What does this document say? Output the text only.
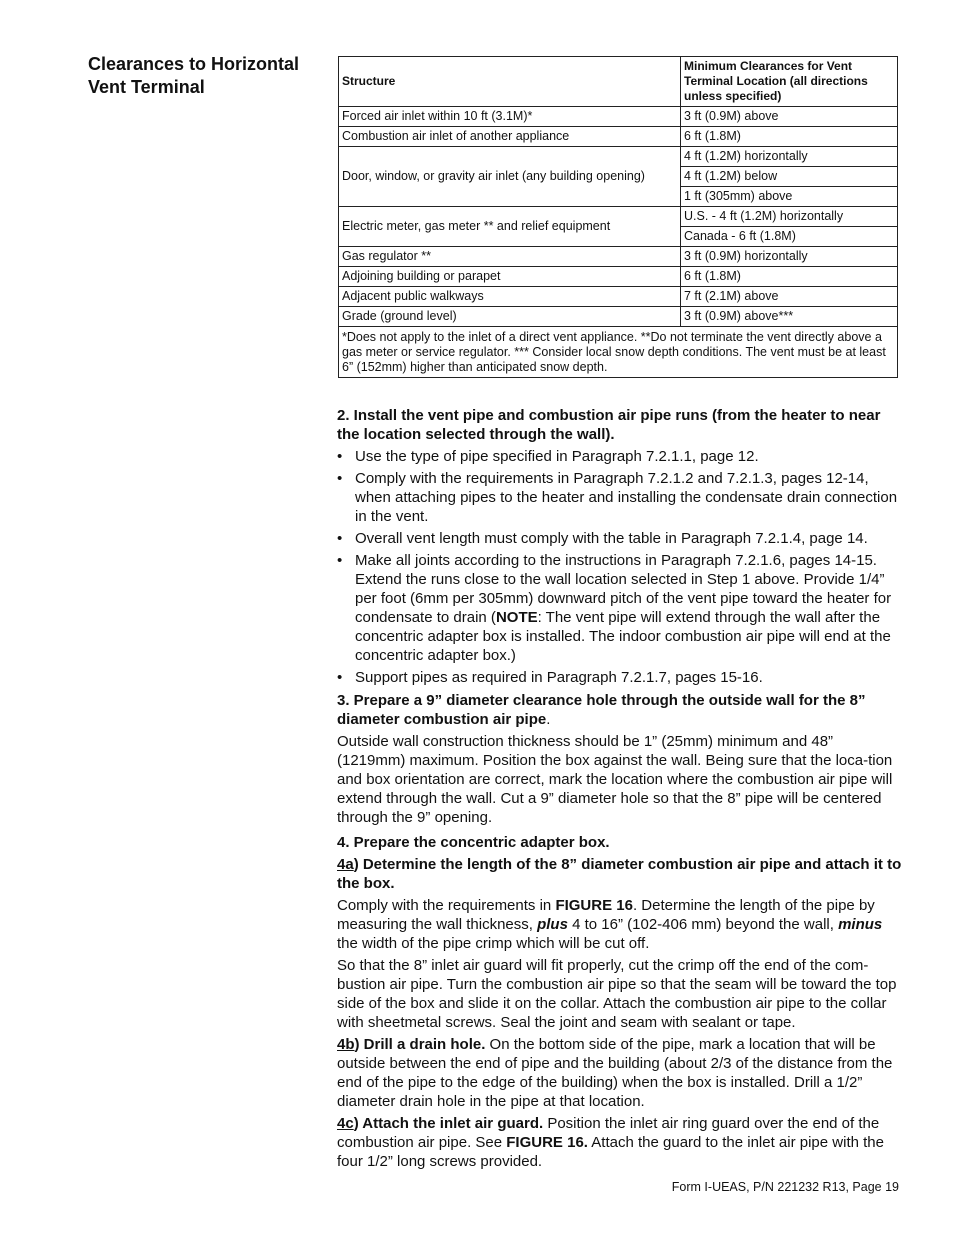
Clearances to Horizontal
Vent Terminal	Structure	Minimum Clearances for Vent Terminal Location (all directions unless specified)
Forced air inlet within 10 ft (3.1M)*	3 ft (0.9M) above
Combustion air inlet of another appliance	6 ft (1.8M)
Door, window, or gravity air inlet (any building opening)	4 ft (1.2M) horizontally
	4 ft (1.2M) below
	1 ft (305mm) above
Electric meter, gas meter ** and relief equipment	U.S. - 4 ft (1.2M) horizontally
	Canada - 6 ft (1.8M)
Gas regulator **	3 ft (0.9M) horizontally
Adjoining building or parapet	6 ft (1.8M)
Adjacent public walkways	7 ft (2.1M) above
Grade (ground level)	3 ft (0.9M) above***
*Does not apply to the inlet of a direct vent appliance. **Do not terminate the vent directly above a gas meter or service regulator. *** Consider local snow depth conditions. The vent must be at least 6” (152mm) higher than anticipated snow depth.	

2. Install the vent pipe and combustion air pipe runs (from the heater to near the location selected through the wall).

• Use the type of pipe specified in Paragraph 7.2.1.1, page 12.
• Comply with the requirements in Paragraph 7.2.1.2 and 7.2.1.3, pages 12-14, when attaching pipes to the heater and installing the condensate drain connection in the vent.
• Overall vent length must comply with the table in Paragraph 7.2.1.4, page 14.
• Make all joints according to the instructions in Paragraph 7.2.1.6, pages 14-15. Extend the runs close to the wall location selected in Step 1 above. Provide 1/4” per foot (6mm per 305mm) downward pitch of the vent pipe toward the heater for condensate to drain (NOTE: The vent pipe will extend through the wall after the concentric adapter box is installed. The indoor combustion air pipe will end at the concentric adapter box.)
• Support pipes as required in Paragraph 7.2.1.7, pages 15-16.

3. Prepare a 9” diameter clearance hole through the outside wall for the 8” diameter combustion air pipe.

Outside wall construction thickness should be 1” (25mm) minimum and 48” (1219mm) maximum. Position the box against the wall. Being sure that the loca-tion and box orientation are correct, mark the location where the combustion air pipe will extend through the wall. Cut a 9” diameter hole so that the 8” pipe will be centered through the 9” opening.

4. Prepare the concentric adapter box.

4a) Determine the length of the 8” diameter combustion air pipe and attach it to the box.

Comply with the requirements in FIGURE 16. Determine the length of the pipe by measuring the wall thickness, plus 4 to 16” (102-406 mm) beyond the wall, minus the width of the pipe crimp which will be cut off.

So that the 8” inlet air guard will fit properly, cut the crimp off the end of the com-bustion air pipe. Turn the combustion air pipe so that the seam will be toward the top side of the box and slide it on the collar. Attach the combustion air pipe to the collar with sheetmetal screws. Seal the joint and seam with sealant or tape.

4b) Drill a drain hole. On the bottom side of the pipe, mark a location that will be outside between the end of pipe and the building (about 2/3 of the distance from the end of the pipe to the edge of the building) when the box is installed. Drill a 1/2” diameter drain hole in the pipe at that location.

4c) Attach the inlet air guard. Position the inlet air ring guard over the end of the combustion air pipe. See FIGURE 16. Attach the guard to the inlet air pipe with the four 1/2” long screws provided.

Form I-UEAS, P/N 221232 R13, Page 19
